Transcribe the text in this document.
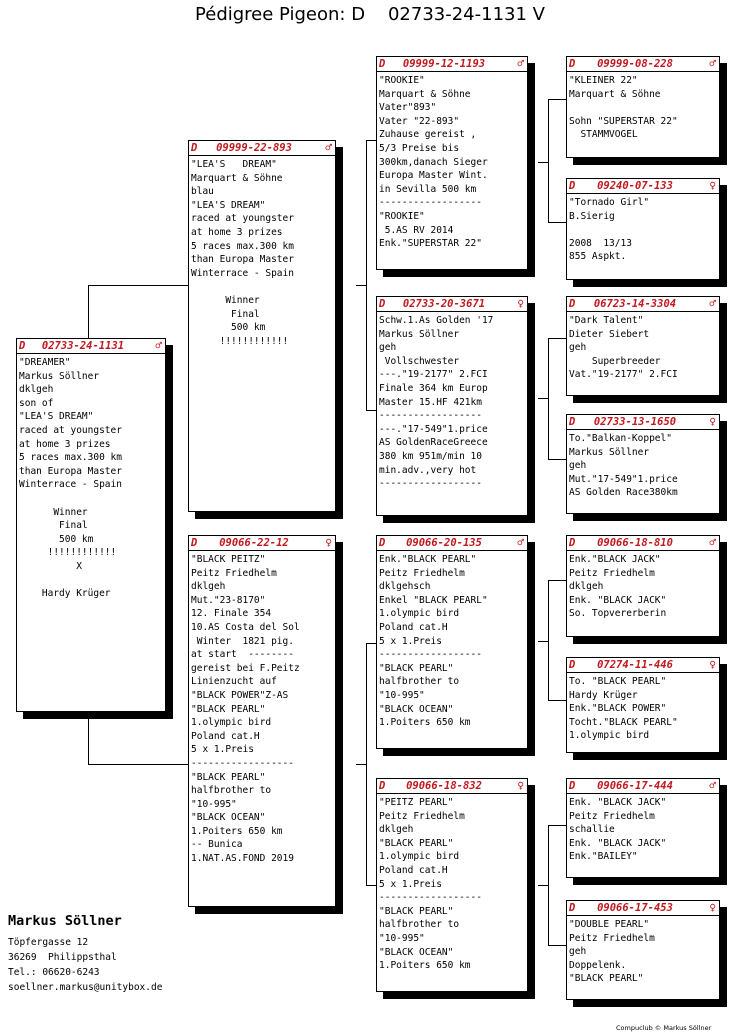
Pédigree Pigeon: D    02733-24-1131 V
D	02733-24-1131	♂
"DREAMER"
Markus Söllner
dklgeh
son of
"LEA'S DREAM"
raced at youngster
at home 3 prizes
5 races max.300 km
than Europa Master
Winterrace - Spain
Winner
Final
500 km
!!!!!!!!!!!!
X
Hardy Krüger
D	09999-22-893	♂
"LEA'S   DREAM"
Marquart & Söhne
blau
"LEA'S DREAM"
raced at youngster
at home 3 prizes
5 races max.300 km
than Europa Master
Winterrace - Spain
Winner
Final
500 km
!!!!!!!!!!!!
D	09066-22-12	♀
"BLACK PEITZ"
Peitz Friedhelm
dklgeh
Mut."23-8170"
12. Finale 354
10.AS Costa del Sol
Winter  1821 pig.
at start  --------
gereist bei F.Peitz
Linienzucht auf
"BLACK POWER"Z-AS
"BLACK PEARL"
1.olympic bird
Poland cat.H
5 x 1.Preis
------------------
"BLACK PEARL"
halfbrother to
"10-995"
"BLACK OCEAN"
1.Poiters 650 km
-- Bunica
1.NAT.AS.FOND 2019
D	09999-12-1193	♂
"ROOKIE"
Marquart & Söhne
Vater"893"
Vater "22-893"
Zuhause gereist ,
5/3 Preise bis
300km,danach Sieger
Europa Master Wint.
in Sevilla 500 km
------------------
"ROOKIE"
5.AS RV 2014
Enk."SUPERSTAR 22"
D	02733-20-3671	♀
Schw.1.As Golden '17
Markus Söllner
geh
Vollschwester
---."19-2177" 2.FCI
Finale 364 km Europ
Master 15.HF 421km
------------------
---."17-549"1.price
AS GoldenRaceGreece
380 km 951m/min 10
min.adv.,very hot
------------------
D	09066-20-135	♂
Enk."BLACK PEARL"
Peitz Friedhelm
dklgehsch
Enkel "BLACK PEARL"
1.olympic bird
Poland cat.H
5 x 1.Preis
------------------
"BLACK PEARL"
halfbrother to
"10-995"
"BLACK OCEAN"
1.Poiters 650 km
D	09066-18-832	♀
"PEITZ PEARL"
Peitz Friedhelm
dklgeh
"BLACK PEARL"
1.olympic bird
Poland cat.H
5 x 1.Preis
------------------
"BLACK PEARL"
halfbrother to
"10-995"
"BLACK OCEAN"
1.Poiters 650 km
D	09999-08-228	♂
"KLEINER 22"
Marquart & Söhne
Sohn "SUPERSTAR 22"
STAMMVOGEL
D	09240-07-133	♀
"Tornado Girl"
B.Sierig
2008  13/13
855 Aspkt.
D	06723-14-3304	♂
"Dark Talent"
Dieter Siebert
geh
Superbreeder
Vat."19-2177" 2.FCI
D	02733-13-1650	♀
To."Balkan-Koppel"
Markus Söllner
geh
Mut."17-549"1.price
AS Golden Race380km
D	09066-18-810	♂
Enk."BLACK JACK"
Peitz Friedhelm
dklgeh
Enk. "BLACK JACK"
So. Topvererberin
D	07274-11-446	♀
To. "BLACK PEARL"
Hardy Krüger
Enk."BLACK POWER"
Tocht."BLACK PEARL"
1.olympic bird
D	09066-17-444	♂
Enk. "BLACK JACK"
Peitz Friedhelm
schallie
Enk. "BLACK JACK"
Enk."BAILEY"
D	09066-17-453	♀
"DOUBLE PEARL"
Peitz Friedhelm
geh
Doppelenk.
"BLACK PEARL"
Markus Söllner
Töpfergasse 12
36269  Philippsthal
Tel.: 06620-6243
soellner.markus@unitybox.de
Compuclub © Markus Söllner
